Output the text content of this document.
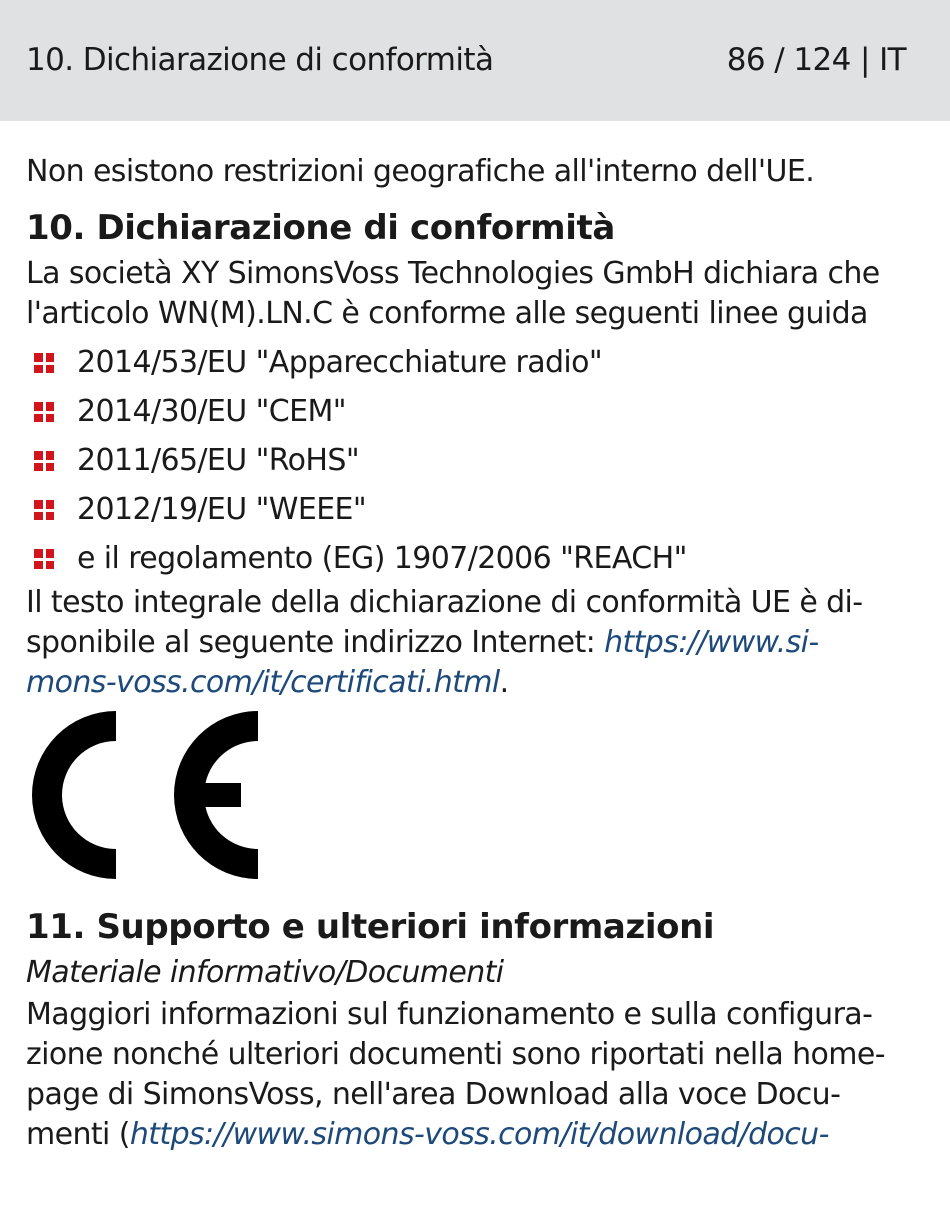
10. Dichiarazione di conformità	86 / 124 | IT

Non esistono restrizioni geografiche all'interno dell'UE.

10. Dichiarazione di conformità

La società XY SimonsVoss Technologies GmbH dichiara che l'articolo WN(M).LN.C è conforme alle seguenti linee guida

2014/53/EU "Apparecchiature radio"
2014/30/EU "CEM"
2011/65/EU "RoHS"
2012/19/EU "WEEE"
e il regolamento (EG) 1907/2006 "REACH"

Il testo integrale della dichiarazione di conformità UE è di-
sponibile al seguente indirizzo Internet: https://www.si-
mons-voss.com/it/certificati.html.

11. Supporto e ulteriori informazioni

Materiale informativo/Documenti

Maggiori informazioni sul funzionamento e sulla configura-
zione nonché ulteriori documenti sono riportati nella home-
page di SimonsVoss, nell'area Download alla voce Docu-
menti (https://www.simons-voss.com/it/download/docu-
